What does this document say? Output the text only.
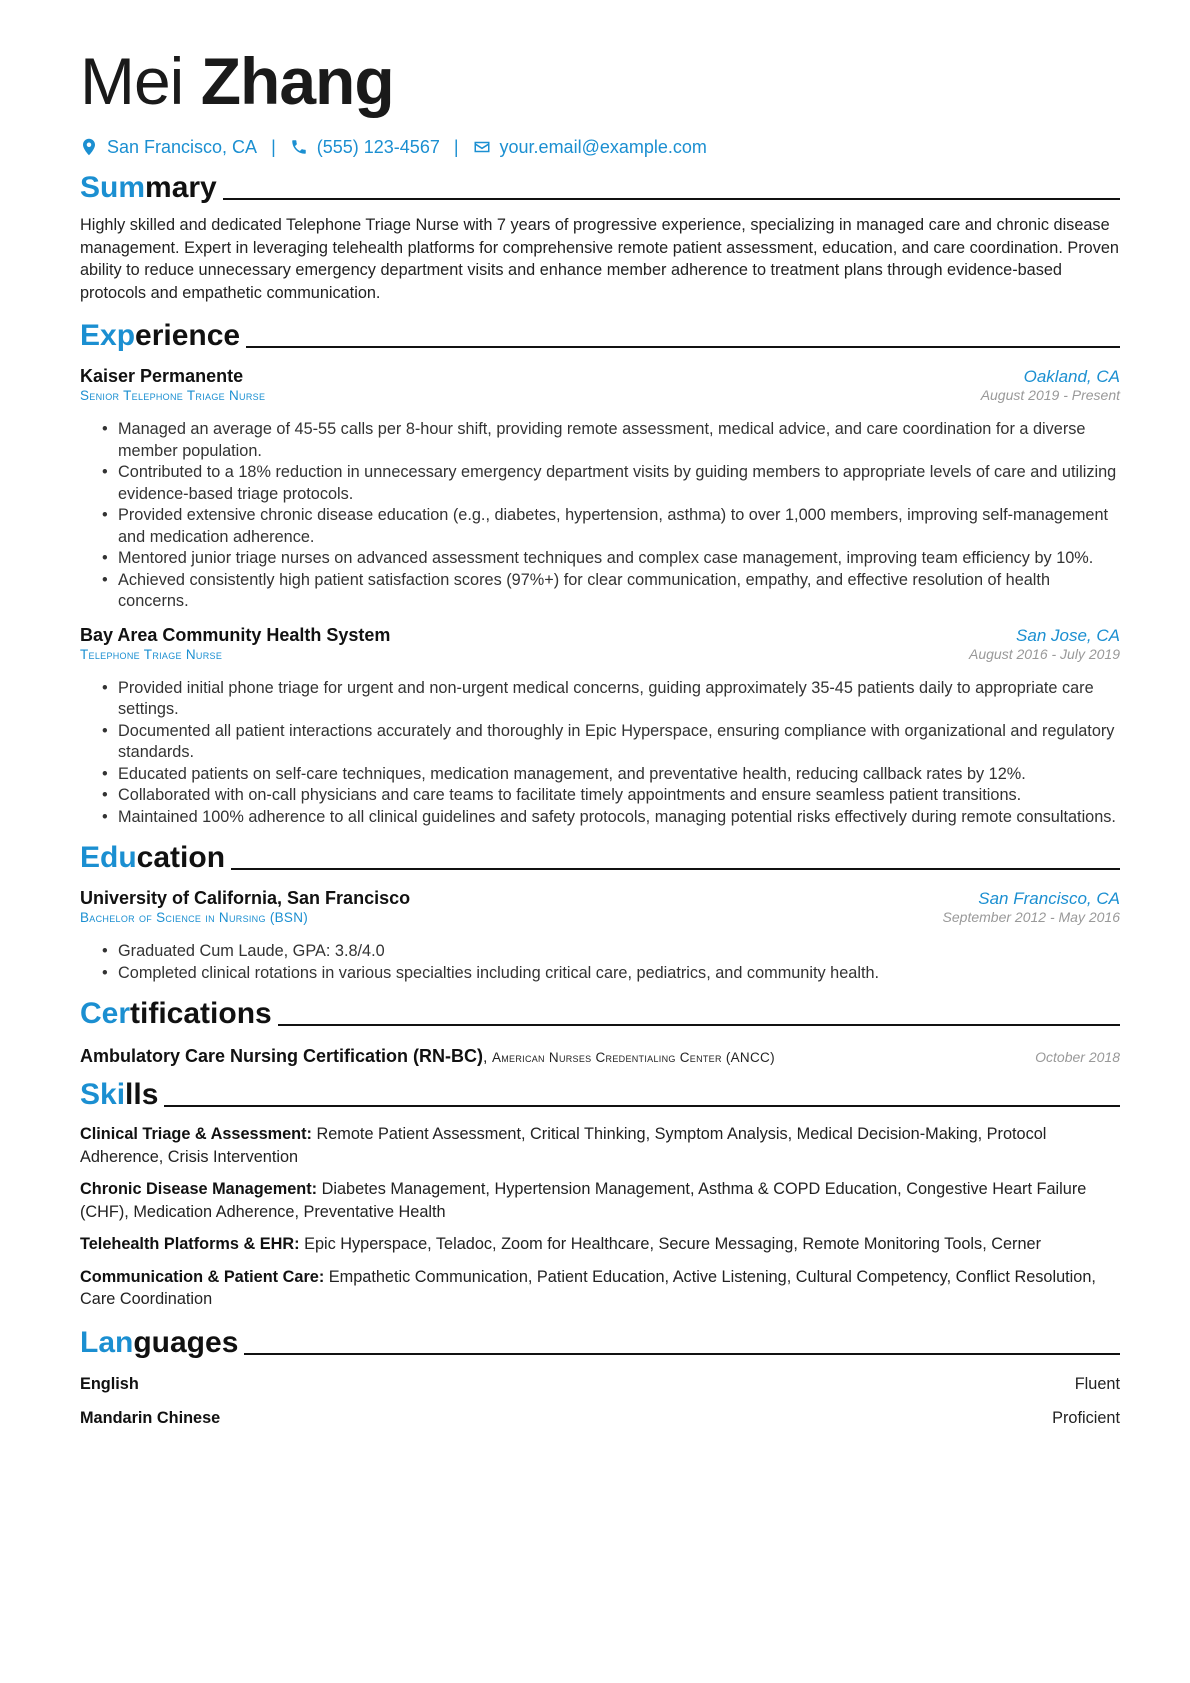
Mei Zhang
San Francisco, CA | (555) 123-4567 | your.email@example.com
Summary
Highly skilled and dedicated Telephone Triage Nurse with 7 years of progressive experience, specializing in managed care and chronic disease management. Expert in leveraging telehealth platforms for comprehensive remote patient assessment, education, and care coordination. Proven ability to reduce unnecessary emergency department visits and enhance member adherence to treatment plans through evidence-based protocols and empathetic communication.
Experience
Kaiser Permanente	Oakland, CA
Senior Telephone Triage Nurse	August 2019 - Present
• Managed an average of 45-55 calls per 8-hour shift, providing remote assessment, medical advice, and care coordination for a diverse member population.
• Contributed to a 18% reduction in unnecessary emergency department visits by guiding members to appropriate levels of care and utilizing evidence-based triage protocols.
• Provided extensive chronic disease education (e.g., diabetes, hypertension, asthma) to over 1,000 members, improving self-management and medication adherence.
• Mentored junior triage nurses on advanced assessment techniques and complex case management, improving team efficiency by 10%.
• Achieved consistently high patient satisfaction scores (97%+) for clear communication, empathy, and effective resolution of health concerns.
Bay Area Community Health System	San Jose, CA
Telephone Triage Nurse	August 2016 - July 2019
• Provided initial phone triage for urgent and non-urgent medical concerns, guiding approximately 35-45 patients daily to appropriate care settings.
• Documented all patient interactions accurately and thoroughly in Epic Hyperspace, ensuring compliance with organizational and regulatory standards.
• Educated patients on self-care techniques, medication management, and preventative health, reducing callback rates by 12%.
• Collaborated with on-call physicians and care teams to facilitate timely appointments and ensure seamless patient transitions.
• Maintained 100% adherence to all clinical guidelines and safety protocols, managing potential risks effectively during remote consultations.
Education
University of California, San Francisco	San Francisco, CA
Bachelor of Science in Nursing (BSN)	September 2012 - May 2016
• Graduated Cum Laude, GPA: 3.8/4.0
• Completed clinical rotations in various specialties including critical care, pediatrics, and community health.
Certifications
Ambulatory Care Nursing Certification (RN-BC), American Nurses Credentialing Center (ANCC)	October 2018
Skills
Clinical Triage & Assessment: Remote Patient Assessment, Critical Thinking, Symptom Analysis, Medical Decision-Making, Protocol Adherence, Crisis Intervention
Chronic Disease Management: Diabetes Management, Hypertension Management, Asthma & COPD Education, Congestive Heart Failure (CHF), Medication Adherence, Preventative Health
Telehealth Platforms & EHR: Epic Hyperspace, Teladoc, Zoom for Healthcare, Secure Messaging, Remote Monitoring Tools, Cerner
Communication & Patient Care: Empathetic Communication, Patient Education, Active Listening, Cultural Competency, Conflict Resolution, Care Coordination
Languages
English	Fluent
Mandarin Chinese	Proficient
